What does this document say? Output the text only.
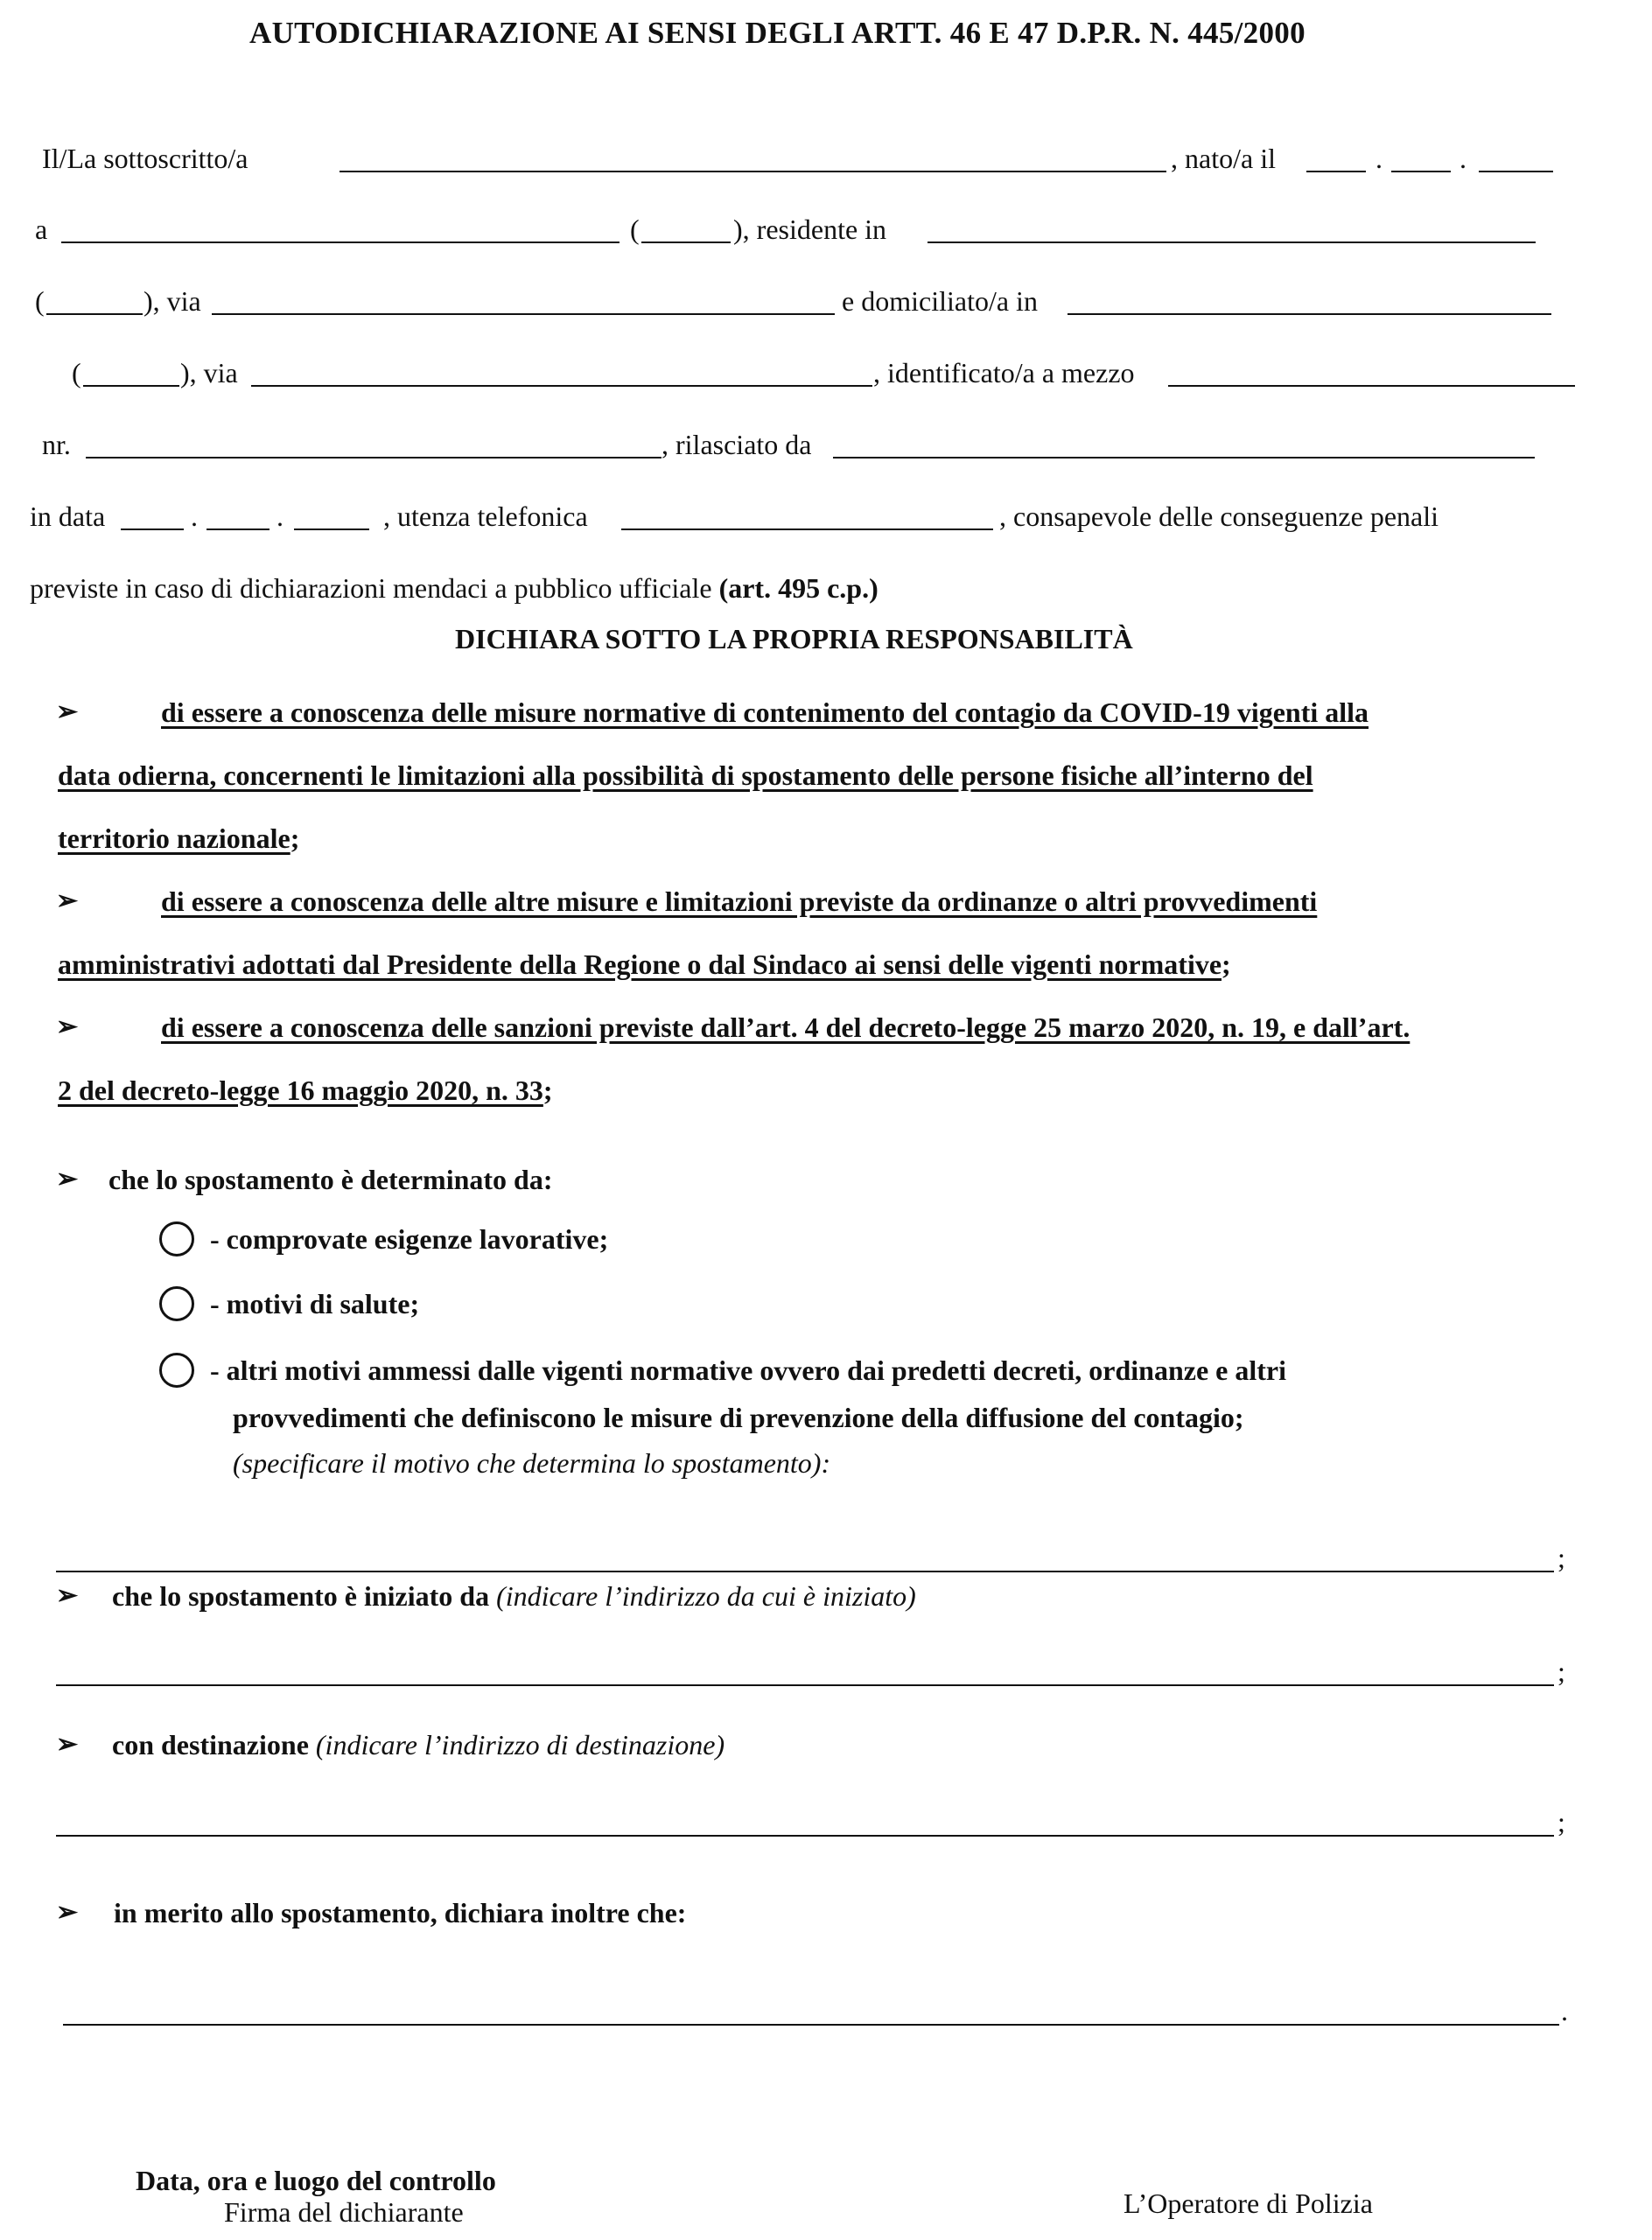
AUTODICHIARAZIONE AI SENSI DEGLI ARTT. 46 E 47 D.P.R. N. 445/2000
Il/La sottoscritto/a	, nato/a il	.	.
a	(	), residente in
(	), via	e domiciliato/a in
(	), via	, identificato/a a mezzo
nr.	, rilasciato da
in data	.	.	, utenza telefonica	, consapevole delle conseguenze penali
previste in caso di dichiarazioni mendaci a pubblico ufficiale (art. 495 c.p.)
DICHIARA SOTTO LA PROPRIA RESPONSABILITÀ
➢	di essere a conoscenza delle misure normative di contenimento del contagio da COVID-19 vigenti alla
data odierna, concernenti le limitazioni alla possibilità di spostamento delle persone fisiche all’interno del
territorio nazionale;
➢	di essere a conoscenza delle altre misure e limitazioni previste da ordinanze o altri provvedimenti
amministrativi adottati dal Presidente della Regione o dal Sindaco ai sensi delle vigenti normative;
➢	di essere a conoscenza delle sanzioni previste dall’art. 4 del decreto-legge 25 marzo 2020, n. 19, e dall’art.
2 del decreto-legge 16 maggio 2020, n. 33;
➢ che lo spostamento è determinato da:
- comprovate esigenze lavorative;
- motivi di salute;
- altri motivi ammessi dalle vigenti normative ovvero dai predetti decreti, ordinanze e altri
provvedimenti che definiscono le misure di prevenzione della diffusione del contagio;
(specificare il motivo che determina lo spostamento):
;
➢ che lo spostamento è iniziato da (indicare l’indirizzo da cui è iniziato)
;
➢ con destinazione (indicare l’indirizzo di destinazione)
;
➢ in merito allo spostamento, dichiara inoltre che:
.
Data, ora e luogo del controllo
Firma del dichiarante	L’Operatore di Polizia
